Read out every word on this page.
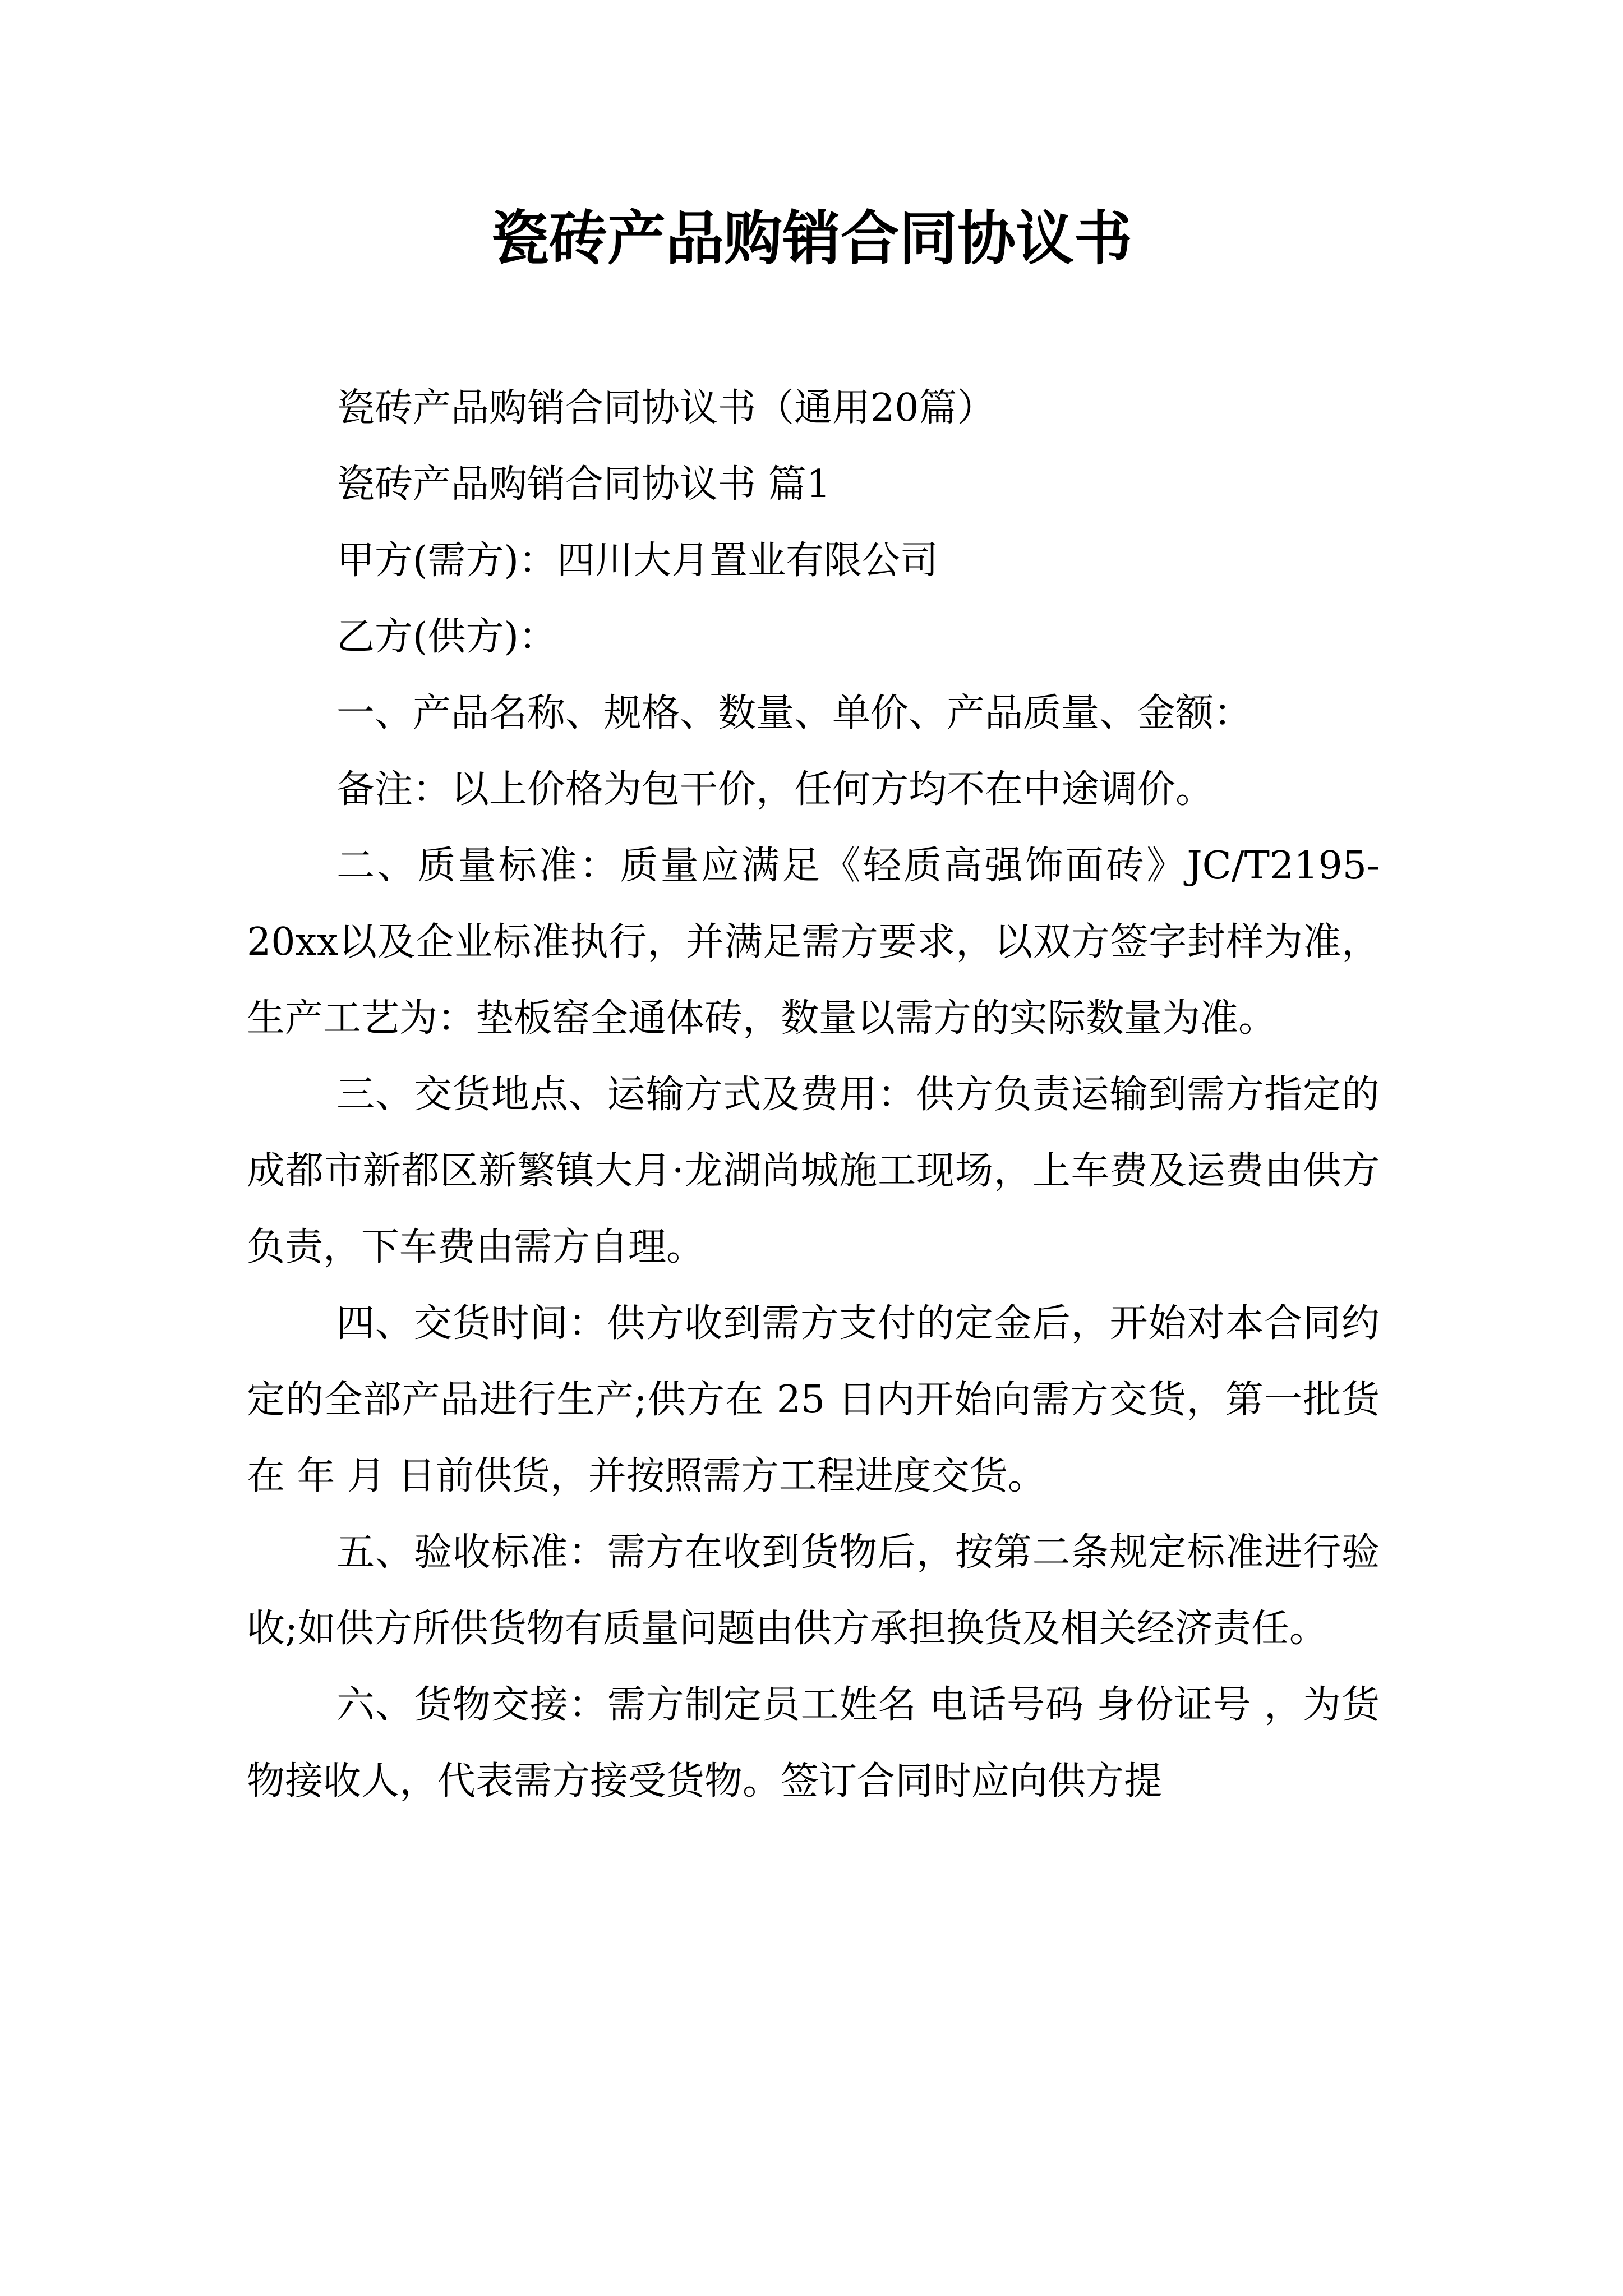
瓷砖产品购销合同协议书

瓷砖产品购销合同协议书（通用20篇）

瓷砖产品购销合同协议书 篇1

甲方(需方)：四川大月置业有限公司

乙方(供方)：

一、产品名称、规格、数量、单价、产品质量、金额：

备注：以上价格为包干价，任何方均不在中途调价。

二、质量标准：质量应满足《轻质高强饰面砖》JC/T2195-20xx以及企业标准执行，并满足需方要求，以双方签字封样为准，生产工艺为：垫板窑全通体砖，数量以需方的实际数量为准。

三、交货地点、运输方式及费用：供方负责运输到需方指定的 成都市新都区新繁镇大月·龙湖尚城施工现场，上车费及运费由供方负责，下车费由需方自理。

四、交货时间：供方收到需方支付的定金后，开始对本合同约定的全部产品进行生产;供方在 25 日内开始向需方交货，第一批货在 年 月 日前供货，并按照需方工程进度交货。

五、验收标准：需方在收到货物后，按第二条规定标准进行验收;如供方所供货物有质量问题由供方承担换货及相关经济责任。

六、货物交接：需方制定员工姓名 电话号码 身份证号 ，为货物接收人，代表需方接受货物。签订合同时应向供方提
